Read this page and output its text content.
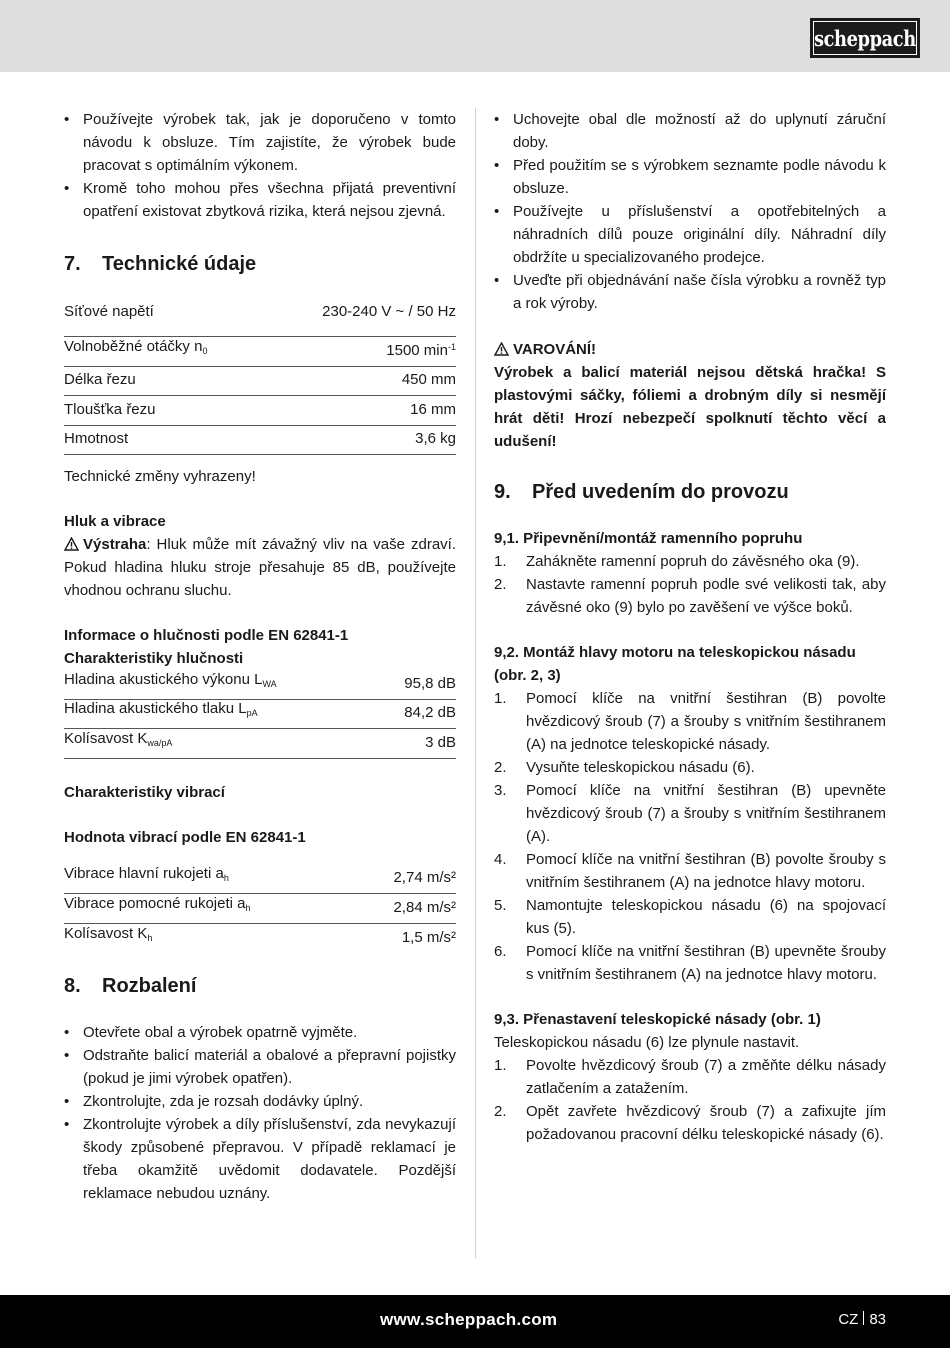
scheppach
• Používejte výrobek tak, jak je doporučeno v tomto návodu k obsluze. Tím zajistíte, že výrobek bude pracovat s optimálním výkonem.
• Kromě toho mohou přes všechna přijatá preventivní opatření existovat zbytková rizika, která nejsou zjevná.
7.	Technické údaje
Síťové napětí	230-240 V ~ / 50 Hz
Volnoběžné otáčky $n_0$	1500 $\min^{-1}$
Délka řezu	450 mm
Tloušťka řezu	16 mm
Hmotnost	3,6 kg
Technické změny vyhrazeny!
Hluk a vibrace
Výstraha: Hluk může mít závažný vliv na vaše zdraví. Pokud hladina hluku stroje přesahuje 85 dB, používejte vhodnou ochranu sluchu.
Informace o hlučnosti podle EN 62841-1
Charakteristiky hlučnosti
Hladina akustického výkonu $L_{WA}$	95,8 dB
Hladina akustického tlaku $L_{pA}$	84,2 dB
Kolísavost $K_{wa/pA}$	3 dB
Charakteristiky vibrací
Hodnota vibrací podle EN 62841-1
Vibrace hlavní rukojeti $a_h$	2,74 m/s²
Vibrace pomocné rukojeti $a_h$	2,84 m/s²
Kolísavost $K_h$	1,5 m/s²
8.	Rozbalení
• Otevřete obal a výrobek opatrně vyjměte.
• Odstraňte balicí materiál a obalové a přepravní pojistky (pokud je jimi výrobek opatřen).
• Zkontrolujte, zda je rozsah dodávky úplný.
• Zkontrolujte výrobek a díly příslušenství, zda nevykazují škody způsobené přepravou. V případě reklamací je třeba okamžitě uvědomit dodavatele. Pozdější reklamace nebudou uznány.
• Uchovejte obal dle možností až do uplynutí záruční doby.
• Před použitím se s výrobkem seznamte podle návodu k obsluze.
• Používejte u příslušenství a opotřebitelných a náhradních dílů pouze originální díly. Náhradní díly obdržíte u specializovaného prodejce.
• Uveďte při objednávání naše čísla výrobku a rovněž typ a rok výroby.
VAROVÁNÍ!
Výrobek a balicí materiál nejsou dětská hračka! S plastovými sáčky, fóliemi a drobným díly si nesmějí hrát děti! Hrozí nebezpečí spolknutí těchto věcí a udušení!
9.	Před uvedením do provozu
9,1. Připevnění/montáž ramenního popruhu
1. Zahákněte ramenní popruh do závěsného oka (9).
2. Nastavte ramenní popruh podle své velikosti tak, aby závěsné oko (9) bylo po zavěšení ve výšce boků.
9,2. Montáž hlavy motoru na teleskopickou násadu
(obr. 2, 3)
1. Pomocí klíče na vnitřní šestihran (B) povolte hvězdicový šroub (7) a šrouby s vnitřním šestihranem (A) na jednotce teleskopické násady.
2. Vysuňte teleskopickou násadu (6).
3. Pomocí klíče na vnitřní šestihran (B) upevněte hvězdicový šroub (7) a šrouby s vnitřním šestihranem (A).
4. Pomocí klíče na vnitřní šestihran (B) povolte šrouby s vnitřním šestihranem (A) na jednotce hlavy motoru.
5. Namontujte teleskopickou násadu (6) na spojovací kus (5).
6. Pomocí klíče na vnitřní šestihran (B) upevněte šrouby s vnitřním šestihranem (A) na jednotce hlavy motoru.
9,3. Přenastavení teleskopické násady (obr. 1)
Teleskopickou násadu (6) lze plynule nastavit.
1. Povolte hvězdicový šroub (7) a změňte délku násady zatlačením a zatažením.
2. Opět zavřete hvězdicový šroub (7) a zafixujte jím požadovanou pracovní délku teleskopické násady (6).
www.scheppach.com	CZ 83
